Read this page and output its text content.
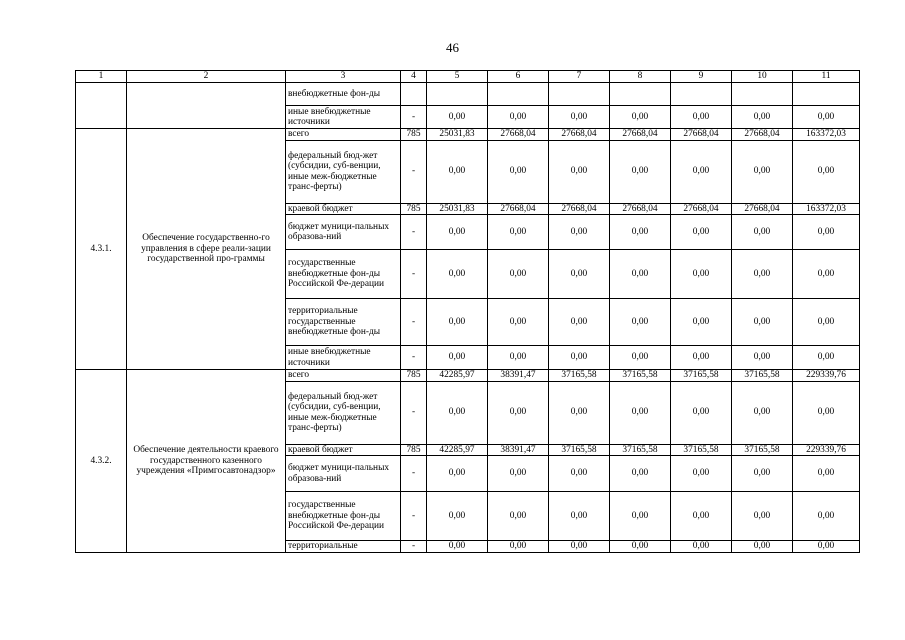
46
1	2	3	4	5	6	7	8	9	10	11
		внебюджетные фон-ды								
		иные внебюджетные источники	-	0,00	0,00	0,00	0,00	0,00	0,00	0,00
4.3.1.	Обеспечение государственно-го управления в сфере реали-зации государственной про-граммы	всего	785	25031,83	27668,04	27668,04	27668,04	27668,04	27668,04	163372,03
		федеральный бюд-жет (субсидии, суб-венции, иные меж-бюджетные транс-ферты)	-	0,00	0,00	0,00	0,00	0,00	0,00	0,00
		краевой бюджет	785	25031,83	27668,04	27668,04	27668,04	27668,04	27668,04	163372,03
		бюджет муници-пальных образова-ний	-	0,00	0,00	0,00	0,00	0,00	0,00	0,00
		государственные внебюджетные фон-ды Российской Фе-дерации	-	0,00	0,00	0,00	0,00	0,00	0,00	0,00
		территориальные государственные внебюджетные фон-ды	-	0,00	0,00	0,00	0,00	0,00	0,00	0,00
		иные внебюджетные источники	-	0,00	0,00	0,00	0,00	0,00	0,00	0,00
4.3.2.	Обеспечение деятельности краевого государственного казенного учреждения «Примгосавтонадзор»	всего	785	42285,97	38391,47	37165,58	37165,58	37165,58	37165,58	229339,76
		федеральный бюд-жет (субсидии, суб-венции, иные меж-бюджетные транс-ферты)	-	0,00	0,00	0,00	0,00	0,00	0,00	0,00
		краевой бюджет	785	42285,97	38391,47	37165,58	37165,58	37165,58	37165,58	229339,76
		бюджет муници-пальных образова-ний	-	0,00	0,00	0,00	0,00	0,00	0,00	0,00
		государственные внебюджетные фон-ды Российской Фе-дерации	-	0,00	0,00	0,00	0,00	0,00	0,00	0,00
		территориальные	-	0,00	0,00	0,00	0,00	0,00	0,00	0,00
